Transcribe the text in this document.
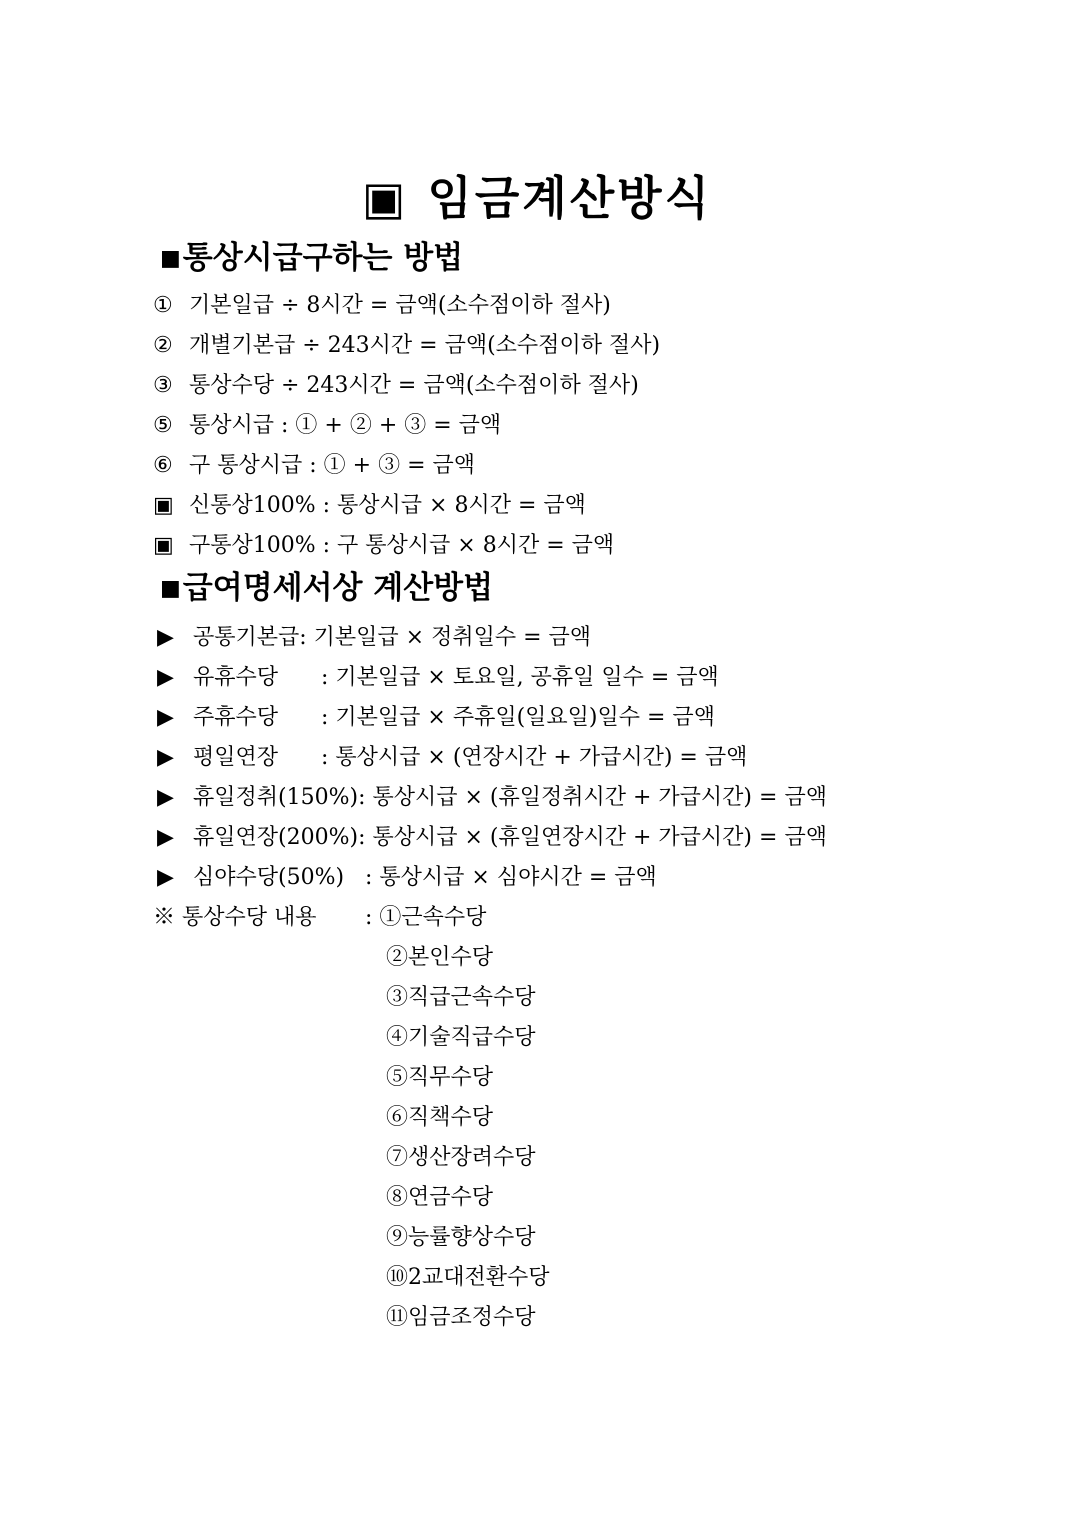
▣ 임금계산방식
■통상시급구하는 방법
① 기본일급 ÷ 8시간 = 금액(소수점이하 절사)
② 개별기본급 ÷ 243시간 = 금액(소수점이하 절사)
③ 통상수당 ÷ 243시간 = 금액(소수점이하 절사)
⑤ 통상시급 : ① + ② + ③ = 금액
⑥ 구 통상시급 : ① + ③ = 금액
▣ 신통상100% : 통상시급 × 8시간 = 금액
▣ 구통상100% : 구 통상시급 × 8시간 = 금액
■급여명세서상 계산방법
▶ 공통기본급: 기본일급 × 정취일수 = 금액
▶ 유휴수당 : 기본일급 × 토요일, 공휴일 일수 = 금액
▶ 주휴수당 : 기본일급 × 주휴일(일요일)일수 = 금액
▶ 평일연장 : 통상시급 × (연장시간 + 가급시간) = 금액
▶ 휴일정취(150%): 통상시급 × (휴일정취시간 + 가급시간) = 금액
▶ 휴일연장(200%): 통상시급 × (휴일연장시간 + 가급시간) = 금액
▶ 심야수당(50%) : 통상시급 × 심야시간 = 금액
※ 통상수당 내용 : ①근속수당
②본인수당
③직급근속수당
④기술직급수당
⑤직무수당
⑥직책수당
⑦생산장려수당
⑧연금수당
⑨능률향상수당
⑩2교대전환수당
⑪임금조정수당
